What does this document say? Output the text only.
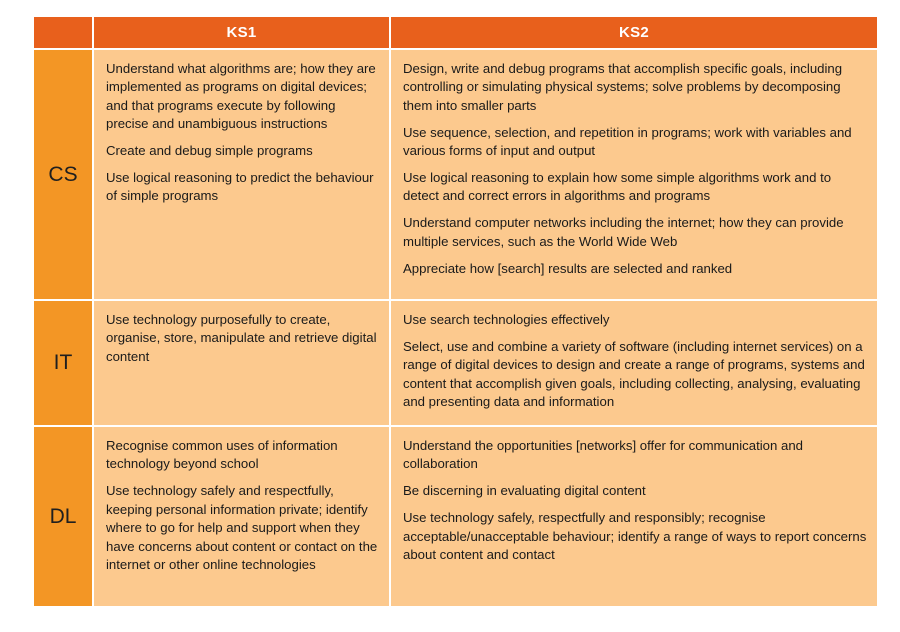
KS1	KS2
CS

Understand what algorithms are; how they are implemented as programs on digital devices; and that programs execute by following precise and unambiguous instructions

Create and debug simple programs

Use logical reasoning to predict the behaviour of simple programs

Design, write and debug programs that accomplish specific goals, including controlling or simulating physical systems; solve problems by decomposing them into smaller parts

Use sequence, selection, and repetition in programs; work with variables and various forms of input and output

Use logical reasoning to explain how some simple algorithms work and to detect and correct errors in algorithms and programs

Understand computer networks including the internet; how they can provide multiple services, such as the World Wide Web

Appreciate how [search] results are selected and ranked

IT

Use technology purposefully to create, organise, store, manipulate and retrieve digital content

Use search technologies effectively

Select, use and combine a variety of software (including internet services) on a range of digital devices to design and create a range of programs, systems and content that accomplish given goals, including collecting, analysing, evaluating and presenting data and information

DL

Recognise common uses of information technology beyond school

Use technology safely and respectfully, keeping personal information private; identify where to go for help and support when they have concerns about content or contact on the internet or other online technologies

Understand the opportunities [networks] offer for communication and collaboration

Be discerning in evaluating digital content

Use technology safely, respectfully and responsibly; recognise acceptable/unacceptable behaviour; identify a range of ways to report concerns about content and contact
